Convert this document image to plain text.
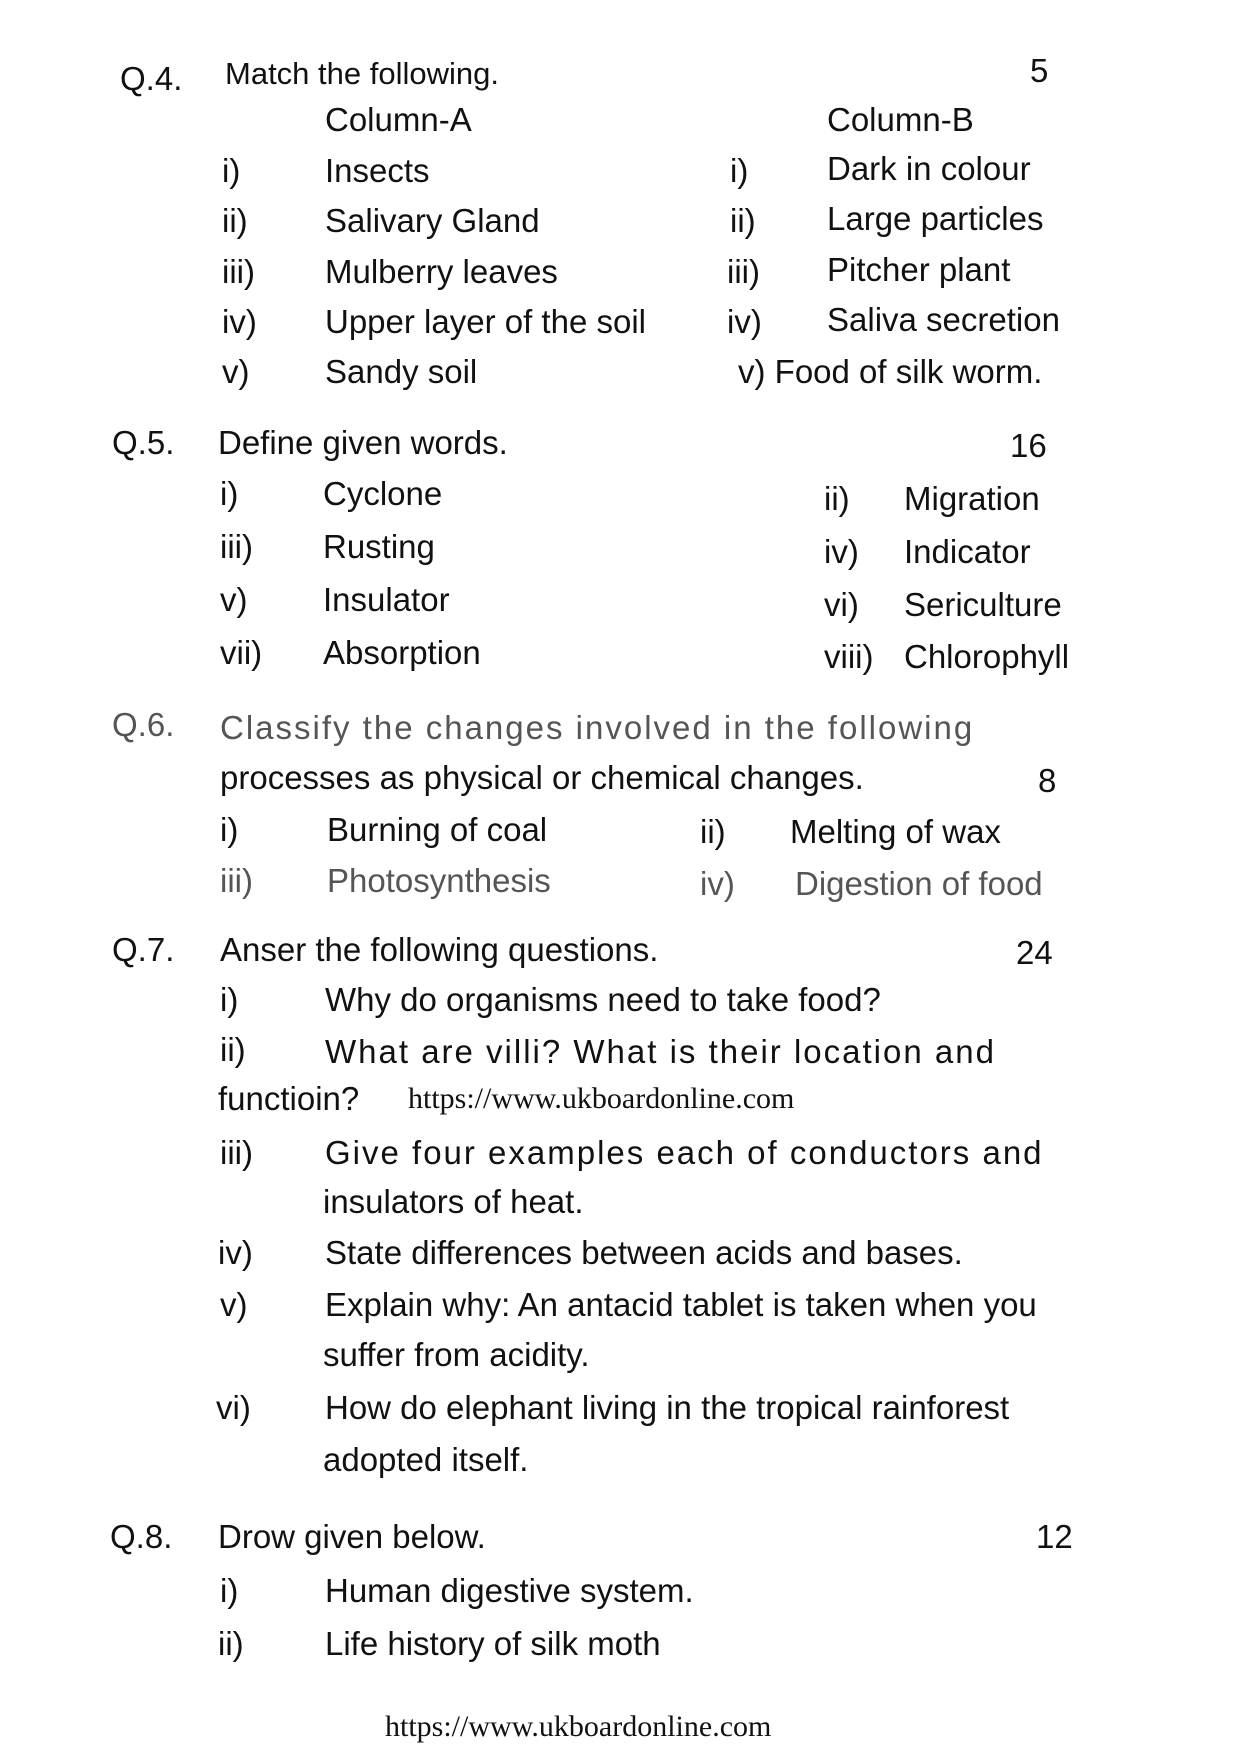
Q.4. Match the following.	5
Column-A	Column-B
i)	Insects	i) Dark in colour
ii) Salivary Gland	ii) Large particles
iii) Mulberry leaves	iii) Pitcher plant
iv) Upper layer of the soil iv) Saliva secretion
v) Sandy soil	v) Food of silk worm.
Q.5. Define given words.	16
i)	Cyclone	ii) Migration
iii) Rusting	iv) Indicator
v) Insulator	vi) Sericulture
vii) Absorption	viii) Chlorophyll
Q.6. Classify the changes involved in the following
processes as physical or chemical changes.	8
i)	Burning of coal	ii) Melting of wax
iii) Photosynthesis	iv) Digestion of food
Q.7. Anser the following questions.	24
i)	Why do organisms need to take food?
ii) What are villi? What is their location and
functioin? https://www.ukboardonline.com
iii) Give four examples each of conductors and
insulators of heat.
iv) State differences between acids and bases.
v) Explain why: An antacid tablet is taken when you
suffer from acidity.
vi) How do elephant living in the tropical rainforest
adopted itself.
Q.8. Drow given below.	12
i)	Human digestive system.
ii) Life history of silk moth
https://www.ukboardonline.com
